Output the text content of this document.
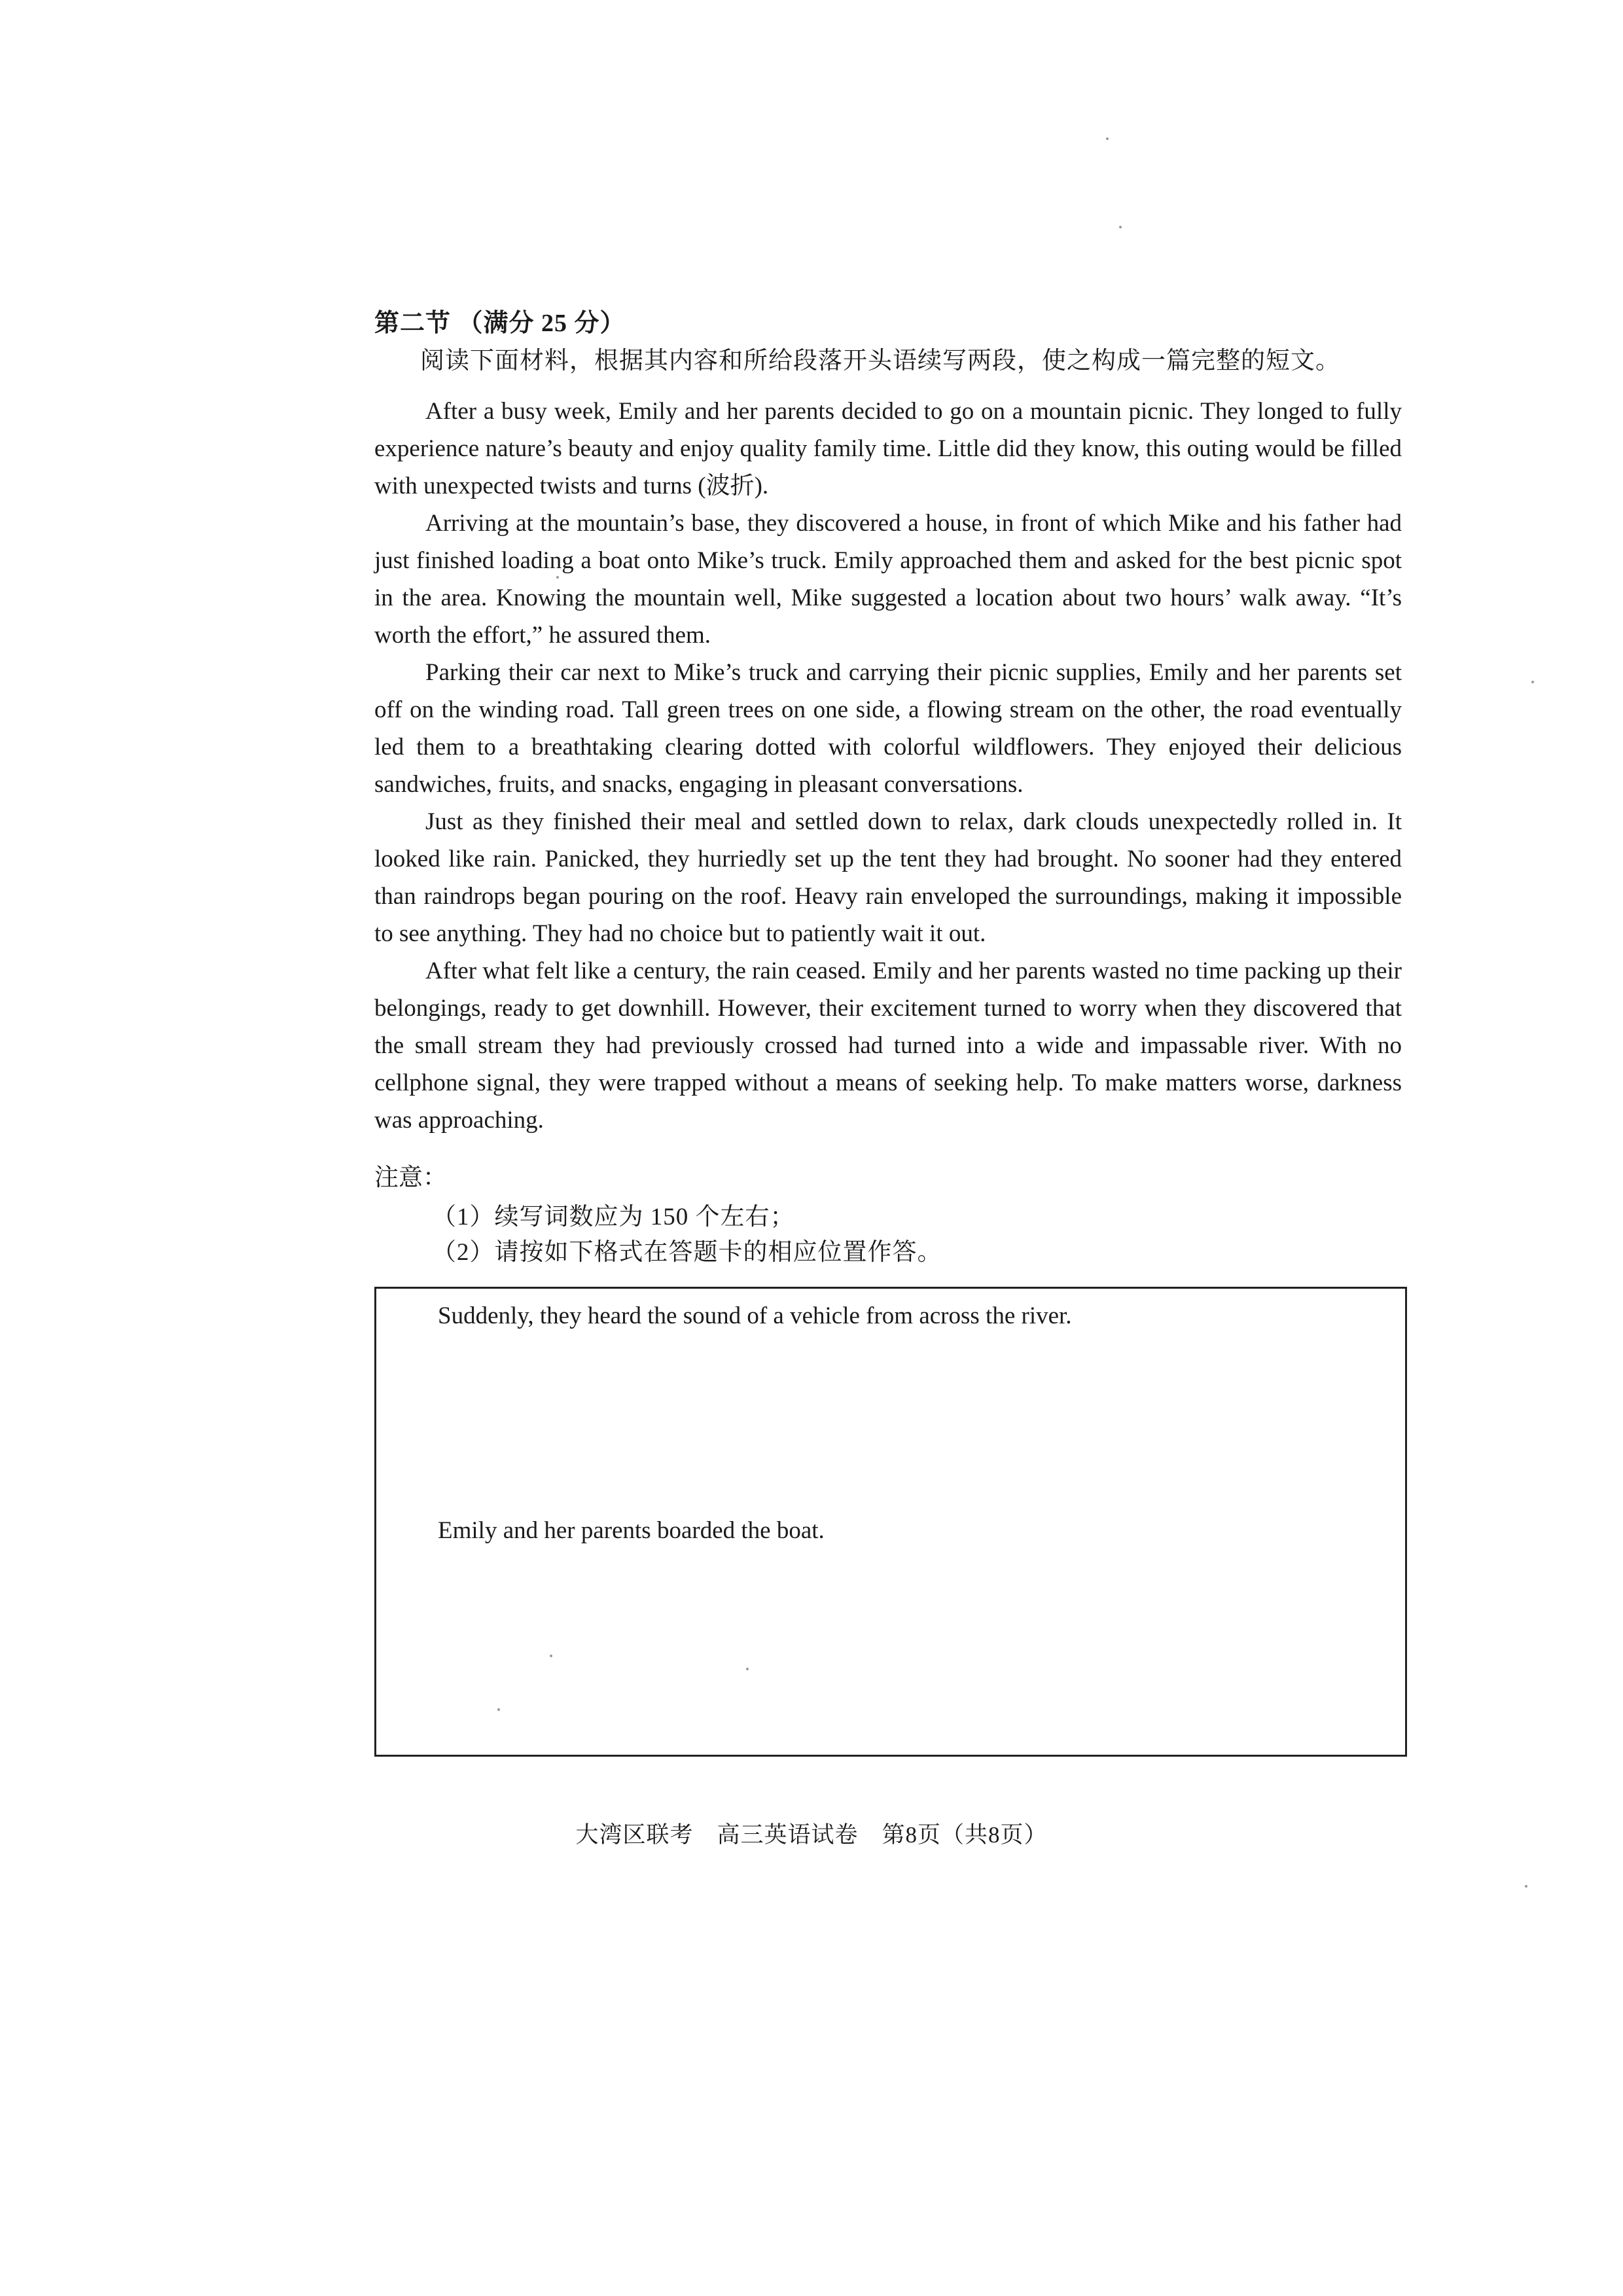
第二节 （满分 25 分）
阅读下面材料，根据其内容和所给段落开头语续写两段，使之构成一篇完整的短文。

After a busy week, Emily and her parents decided to go on a mountain picnic. They longed to fully experience nature’s beauty and enjoy quality family time. Little did they know, this outing would be filled with unexpected twists and turns (波折).

Arriving at the mountain’s base, they discovered a house, in front of which Mike and his father had just finished loading a boat onto Mike’s truck. Emily approached them and asked for the best picnic spot in the area. Knowing the mountain well, Mike suggested a location about two hours’ walk away. “It’s worth the effort,” he assured them.

Parking their car next to Mike’s truck and carrying their picnic supplies, Emily and her parents set off on the winding road. Tall green trees on one side, a flowing stream on the other, the road eventually led them to a breathtaking clearing dotted with colorful wildflowers. They enjoyed their delicious sandwiches, fruits, and snacks, engaging in pleasant conversations.

Just as they finished their meal and settled down to relax, dark clouds unexpectedly rolled in. It looked like rain. Panicked, they hurriedly set up the tent they had brought. No sooner had they entered than raindrops began pouring on the roof. Heavy rain enveloped the surroundings, making it impossible to see anything. They had no choice but to patiently wait it out.

After what felt like a century, the rain ceased. Emily and her parents wasted no time packing up their belongings, ready to get downhill. However, their excitement turned to worry when they discovered that the small stream they had previously crossed had turned into a wide and impassable river. With no cellphone signal, they were trapped without a means of seeking help. To make matters worse, darkness was approaching.

注意：
（1）续写词数应为 150 个左右；
（2）请按如下格式在答题卡的相应位置作答。
Suddenly, they heard the sound of a vehicle from across the river.
Emily and her parents boarded the boat.
大湾区联考　高三英语试卷　第8页（共8页）
